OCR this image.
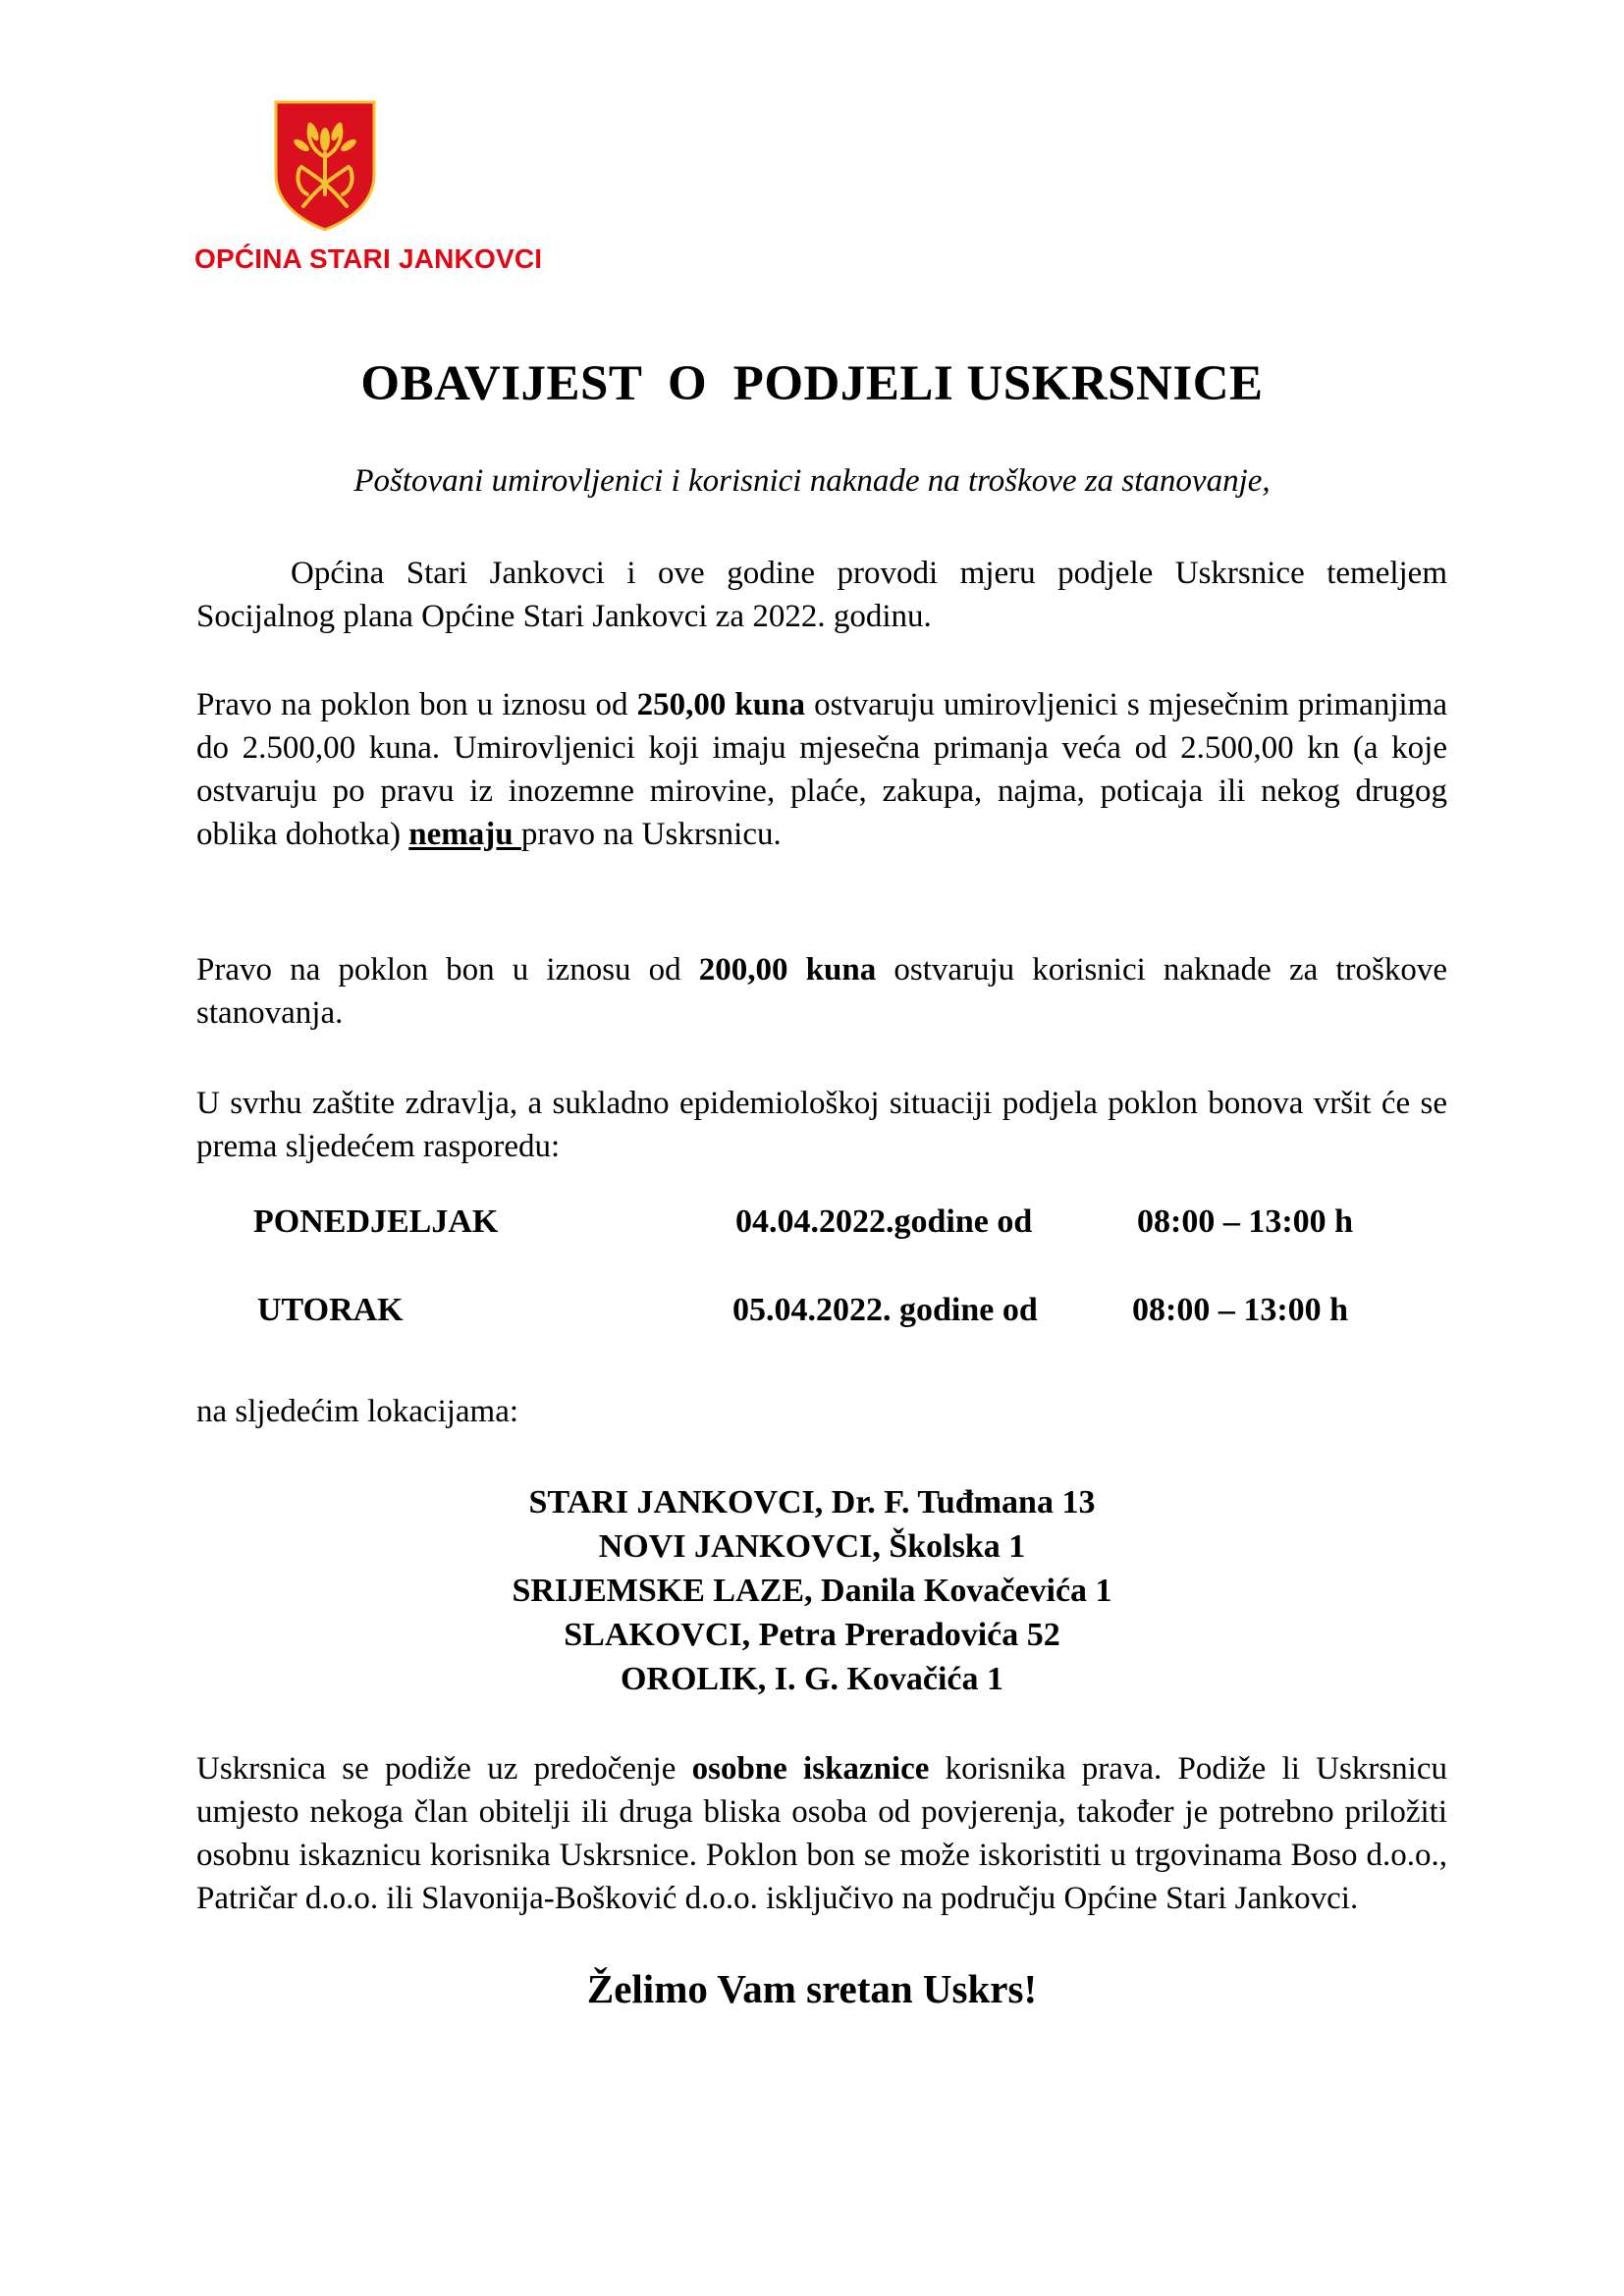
OPĆINA STARI JANKOVCI
OBAVIJEST  O  PODJELI USKRSNICE
Poštovani umirovljenici i korisnici naknade na troškove za stanovanje,
Općina Stari Jankovci i ove godine provodi mjeru podjele Uskrsnice temeljem Socijalnog plana Općine Stari Jankovci za 2022. godinu.
Pravo na poklon bon u iznosu od 250,00 kuna ostvaruju umirovljenici s mjesečnim primanjima do 2.500,00 kuna. Umirovljenici koji imaju mjesečna primanja veća od 2.500,00 kn (a koje ostvaruju po pravu iz inozemne mirovine, plaće, zakupa, najma, poticaja ili nekog drugog oblika dohotka) nemaju pravo na Uskrsnicu.
Pravo na poklon bon u iznosu od 200,00 kuna ostvaruju korisnici naknade za troškove stanovanja.
U svrhu zaštite zdravlja, a sukladno epidemiološkoj situaciji podjela poklon bonova vršit će se prema sljedećem rasporedu:
PONEDJELJAK	04.04.2022.godine od	08:00 – 13:00 h
UTORAK	05.04.2022. godine od	08:00 – 13:00 h
na sljedećim lokacijama:
STARI JANKOVCI, Dr. F. Tuđmana 13
NOVI JANKOVCI, Školska 1
SRIJEMSKE LAZE, Danila Kovačevića 1
SLAKOVCI, Petra Preradovića 52
OROLIK, I. G. Kovačića 1
Uskrsnica se podiže uz predočenje osobne iskaznice korisnika prava. Podiže li Uskrsnicu umjesto nekoga član obitelji ili druga bliska osoba od povjerenja, također je potrebno priložiti osobnu iskaznicu korisnika Uskrsnice. Poklon bon se može iskoristiti u trgovinama Boso d.o.o., Patričar d.o.o. ili Slavonija-Bošković d.o.o. isključivo na području Općine Stari Jankovci.
Želimo Vam sretan Uskrs!
